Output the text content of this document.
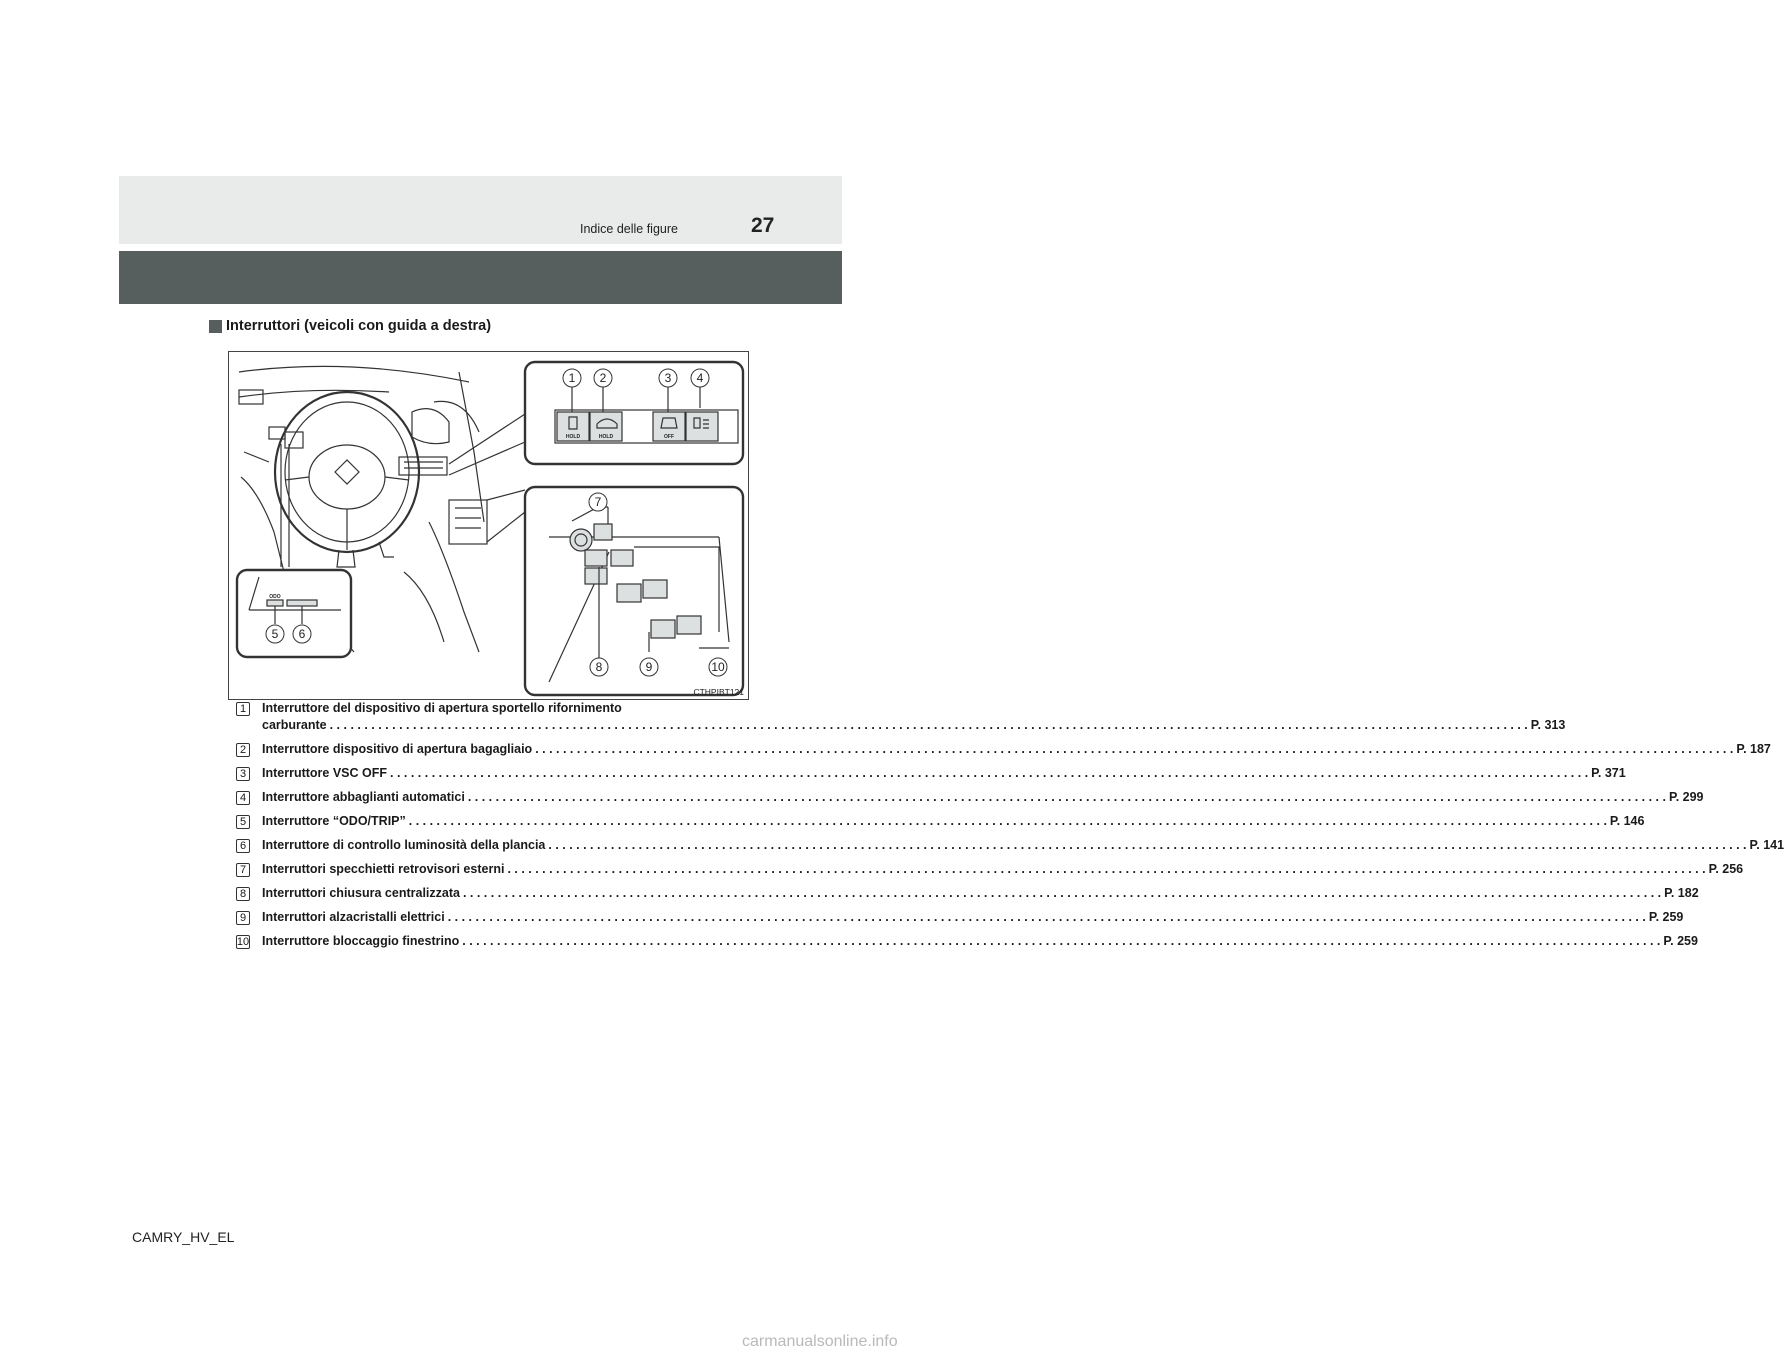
Indice delle figure	27
Interruttori (veicoli con guida a destra)
1 2	3 4
5 6
7
8	9	10
HOLD	HOLD	OFF
ODO
CTHPIBT121
1	Interruttore del dispositivo di apertura sportello rifornimento
carburante . . .	P. 313
2	Interruttore dispositivo di apertura bagagliaio . . .	P. 187
3	Interruttore VSC OFF . . .	P. 371
4	Interruttore abbaglianti automatici . . .	P. 299
5	Interruttore “ODO/TRIP” . . .	P. 146
6	Interruttore di controllo luminosità della plancia . . .	P. 141
7	Interruttori specchietti retrovisori esterni . . .	P. 256
8	Interruttori chiusura centralizzata . . .	P. 182
9	Interruttori alzacristalli elettrici . . .	P. 259
10 Interruttore bloccaggio finestrino . . .	P. 259
CAMRY_HV_EL
carmanualsonline.info
